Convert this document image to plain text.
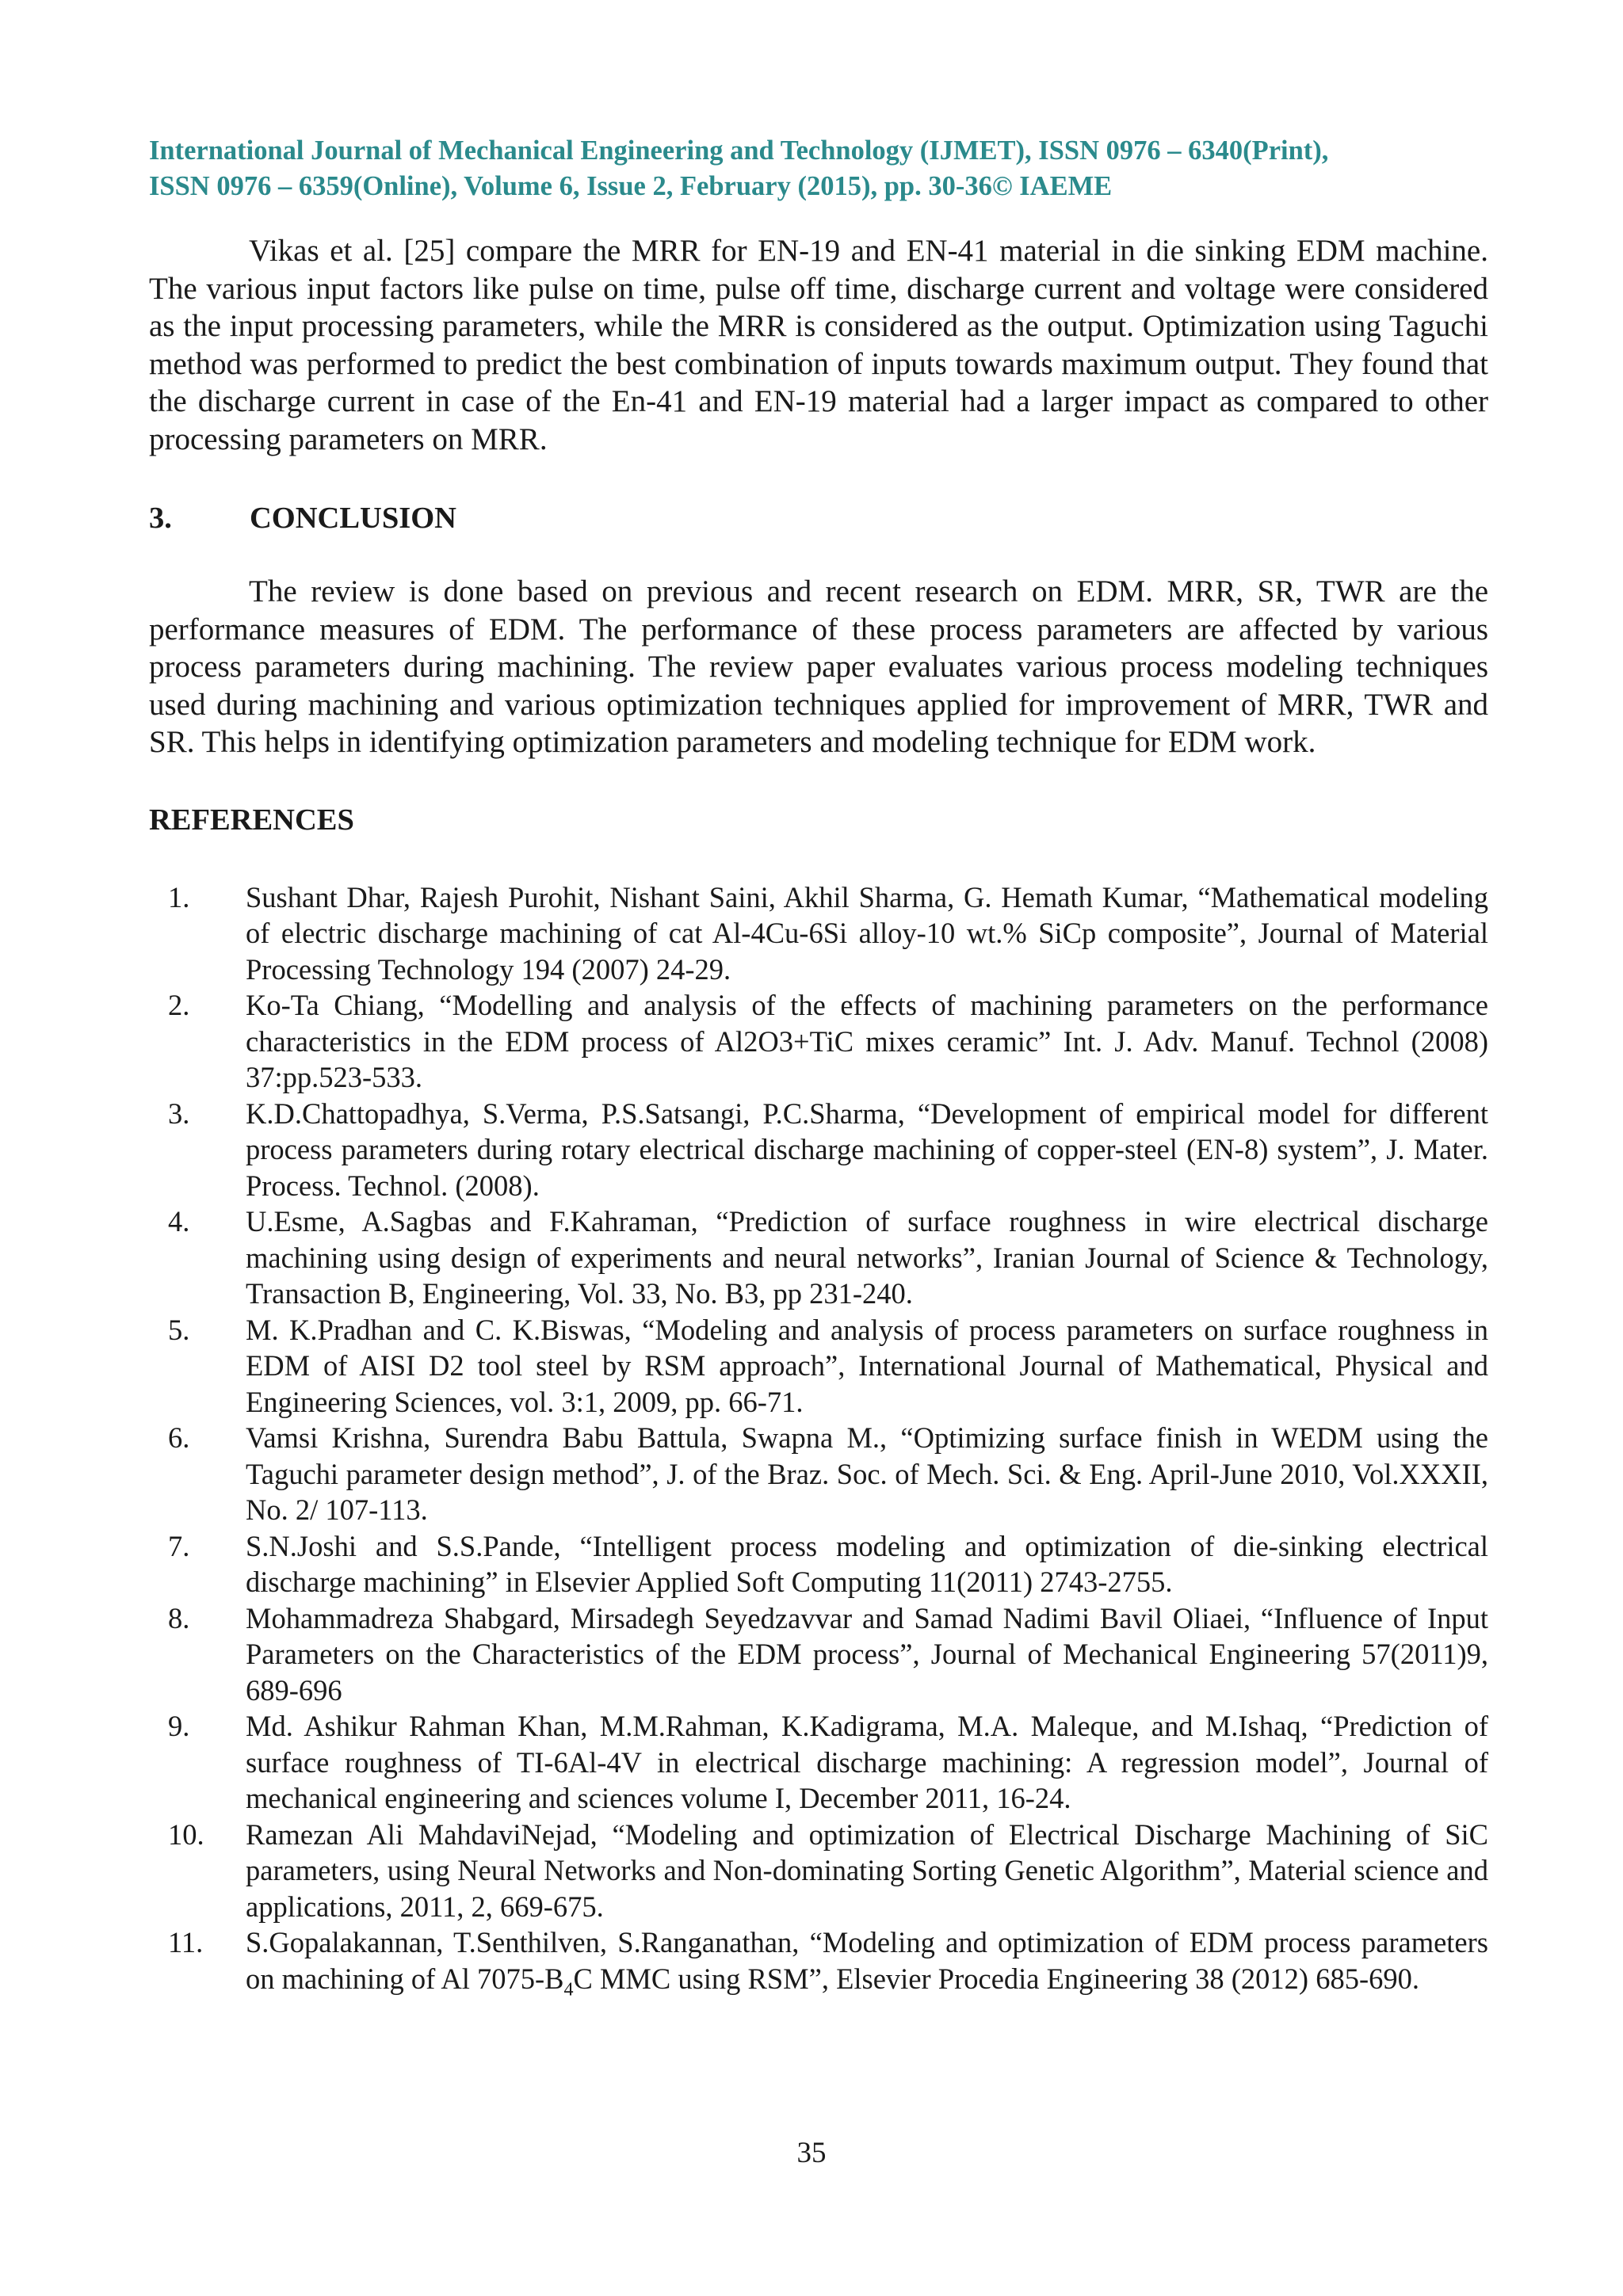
International Journal of Mechanical Engineering and Technology (IJMET), ISSN 0976 – 6340(Print),
ISSN 0976 – 6359(Online), Volume 6, Issue 2, February (2015), pp. 30-36© IAEME

Vikas et al. [25] compare the MRR for EN-19 and EN-41 material in die sinking EDM machine. The various input factors like pulse on time, pulse off time, discharge current and voltage were considered as the input processing parameters, while the MRR is considered as the output. Optimization using Taguchi method was performed to predict the best combination of inputs towards maximum output. They found that the discharge current in case of the En-41 and EN-19 material had a larger impact as compared to other processing parameters on MRR.

3.	CONCLUSION

The review is done based on previous and recent research on EDM. MRR, SR, TWR are the performance measures of EDM. The performance of these process parameters are affected by various process parameters during machining. The review paper evaluates various process modeling techniques used during machining and various optimization techniques applied for improvement of MRR, TWR and SR. This helps in identifying optimization parameters and modeling technique for EDM work.

REFERENCES
1.	Sushant Dhar, Rajesh Purohit, Nishant Saini, Akhil Sharma, G. Hemath Kumar, “Mathematical modeling of electric discharge machining of cat Al-4Cu-6Si alloy-10 wt.% SiCp composite”, Journal of Material Processing Technology 194 (2007) 24-29.
2.	Ko-Ta Chiang, “Modelling and analysis of the effects of machining parameters on the performance characteristics in the EDM process of Al2O3+TiC mixes ceramic” Int. J. Adv. Manuf. Technol (2008) 37:pp.523-533.
3.	K.D.Chattopadhya, S.Verma, P.S.Satsangi, P.C.Sharma, “Development of empirical model for different process parameters during rotary electrical discharge machining of copper-steel (EN-8) system”, J. Mater. Process. Technol. (2008).
4.	U.Esme, A.Sagbas and F.Kahraman, “Prediction of surface roughness in wire electrical discharge machining using design of experiments and neural networks”, Iranian Journal of Science & Technology, Transaction B, Engineering, Vol. 33, No. B3, pp 231-240.
5.	M. K.Pradhan and C. K.Biswas, “Modeling and analysis of process parameters on surface roughness in EDM of AISI D2 tool steel by RSM approach”, International Journal of Mathematical, Physical and Engineering Sciences, vol. 3:1, 2009, pp. 66-71.
6.	Vamsi Krishna, Surendra Babu Battula, Swapna M., “Optimizing surface finish in WEDM using the Taguchi parameter design method”, J. of the Braz. Soc. of Mech. Sci. & Eng. April-June 2010, Vol.XXXII, No. 2/ 107-113.
7.	S.N.Joshi and S.S.Pande, “Intelligent process modeling and optimization of die-sinking electrical discharge machining” in Elsevier Applied Soft Computing 11(2011) 2743-2755.
8.	Mohammadreza Shabgard, Mirsadegh Seyedzavvar and Samad Nadimi Bavil Oliaei, “Influence of Input Parameters on the Characteristics of the EDM process”, Journal of Mechanical Engineering 57(2011)9, 689-696
9.	Md. Ashikur Rahman Khan, M.M.Rahman, K.Kadigrama, M.A. Maleque, and M.Ishaq, “Prediction of surface roughness of TI-6Al-4V in electrical discharge machining: A regression model”, Journal of mechanical engineering and sciences volume I, December 2011, 16-24.
10.	Ramezan Ali MahdaviNejad, “Modeling and optimization of Electrical Discharge Machining of SiC parameters, using Neural Networks and Non-dominating Sorting Genetic Algorithm”, Material science and applications, 2011, 2, 669-675.
11.	S.Gopalakannan, T.Senthilven, S.Ranganathan, “Modeling and optimization of EDM process parameters on machining of Al $7075-B_4C$ MMC using RSM”, Elsevier Procedia Engineering 38 (2012) 685-690.
35
